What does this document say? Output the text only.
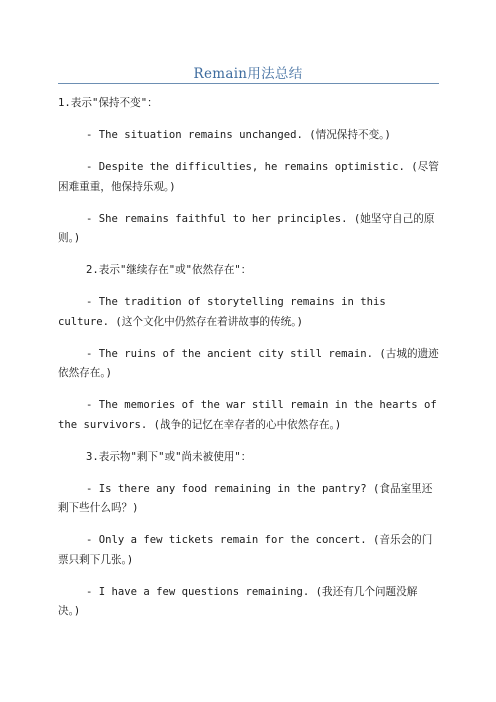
Remain用法总结

1.表示"保持不变"：

- The situation remains unchanged. (情况保持不变。)

- Despite the difficulties, he remains optimistic. (尽管困难重重，他保持乐观。)

- She remains faithful to her principles. (她坚守自己的原则。)

2.表示"继续存在"或"依然存在"：

- The tradition of storytelling remains in this culture. (这个文化中仍然存在着讲故事的传统。)

- The ruins of the ancient city still remain. (古城的遗迹依然存在。)

- The memories of the war still remain in the hearts of the survivors. (战争的记忆在幸存者的心中依然存在。)

3.表示物"剩下"或"尚未被使用"：

- Is there any food remaining in the pantry? (食品室里还剩下些什么吗？)

- Only a few tickets remain for the concert. (音乐会的门票只剩下几张。)

- I have a few questions remaining. (我还有几个问题没解决。)
